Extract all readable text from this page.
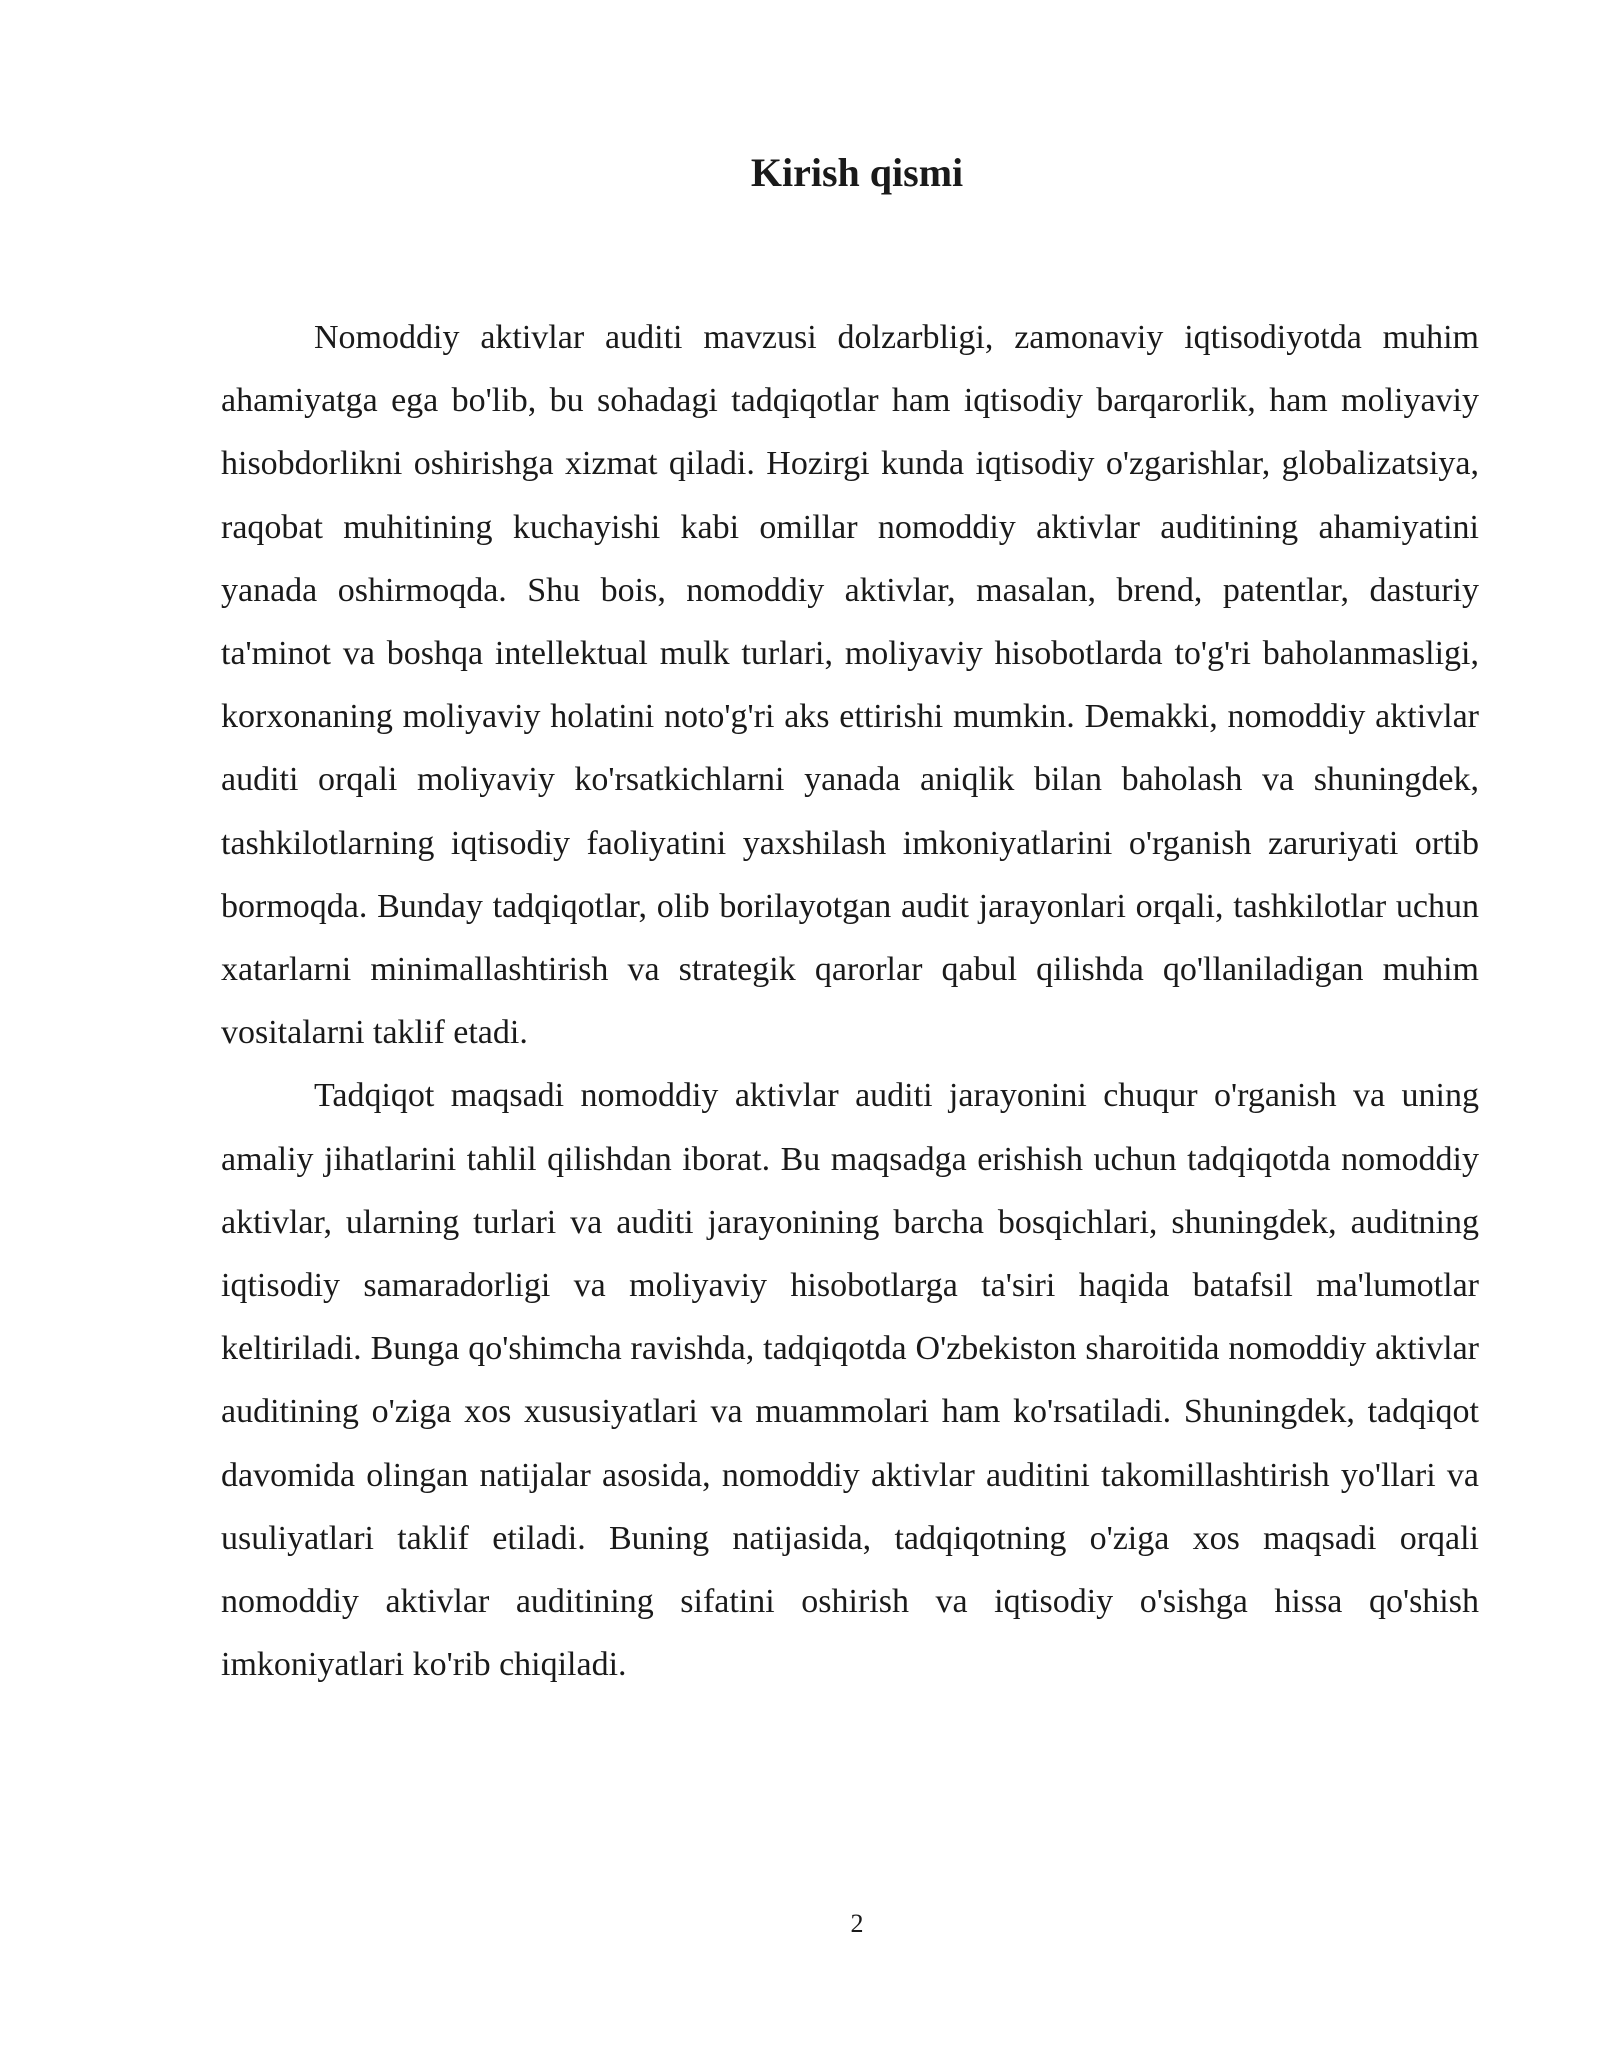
Kirish qismi

Nomoddiy aktivlar auditi mavzusi dolzarbligi, zamonaviy iqtisodiyotda muhim ahamiyatga ega bo'lib, bu sohadagi tadqiqotlar ham iqtisodiy barqarorlik, ham moliyaviy hisobdorlikni oshirishga xizmat qiladi. Hozirgi kunda iqtisodiy o'zgarishlar, globalizatsiya, raqobat muhitining kuchayishi kabi omillar nomoddiy aktivlar auditining ahamiyatini yanada oshirmoqda. Shu bois, nomoddiy aktivlar, masalan, brend, patentlar, dasturiy ta'minot va boshqa intellektual mulk turlari, moliyaviy hisobotlarda to'g'ri baholanmasligi, korxonaning moliyaviy holatini noto'g'ri aks ettirishi mumkin. Demakki, nomoddiy aktivlar auditi orqali moliyaviy ko'rsatkichlarni yanada aniqlik bilan baholash va shuningdek, tashkilotlarning iqtisodiy faoliyatini yaxshilash imkoniyatlarini o'rganish zaruriyati ortib bormoqda. Bunday tadqiqotlar, olib borilayotgan audit jarayonlari orqali, tashkilotlar uchun xatarlarni minimallashtirish va strategik qarorlar qabul qilishda qo'llaniladigan muhim vositalarni taklif etadi.

Tadqiqot maqsadi nomoddiy aktivlar auditi jarayonini chuqur o'rganish va uning amaliy jihatlarini tahlil qilishdan iborat. Bu maqsadga erishish uchun tadqiqotda nomoddiy aktivlar, ularning turlari va auditi jarayonining barcha bosqichlari, shuningdek, auditning iqtisodiy samaradorligi va moliyaviy hisobotlarga ta'siri haqida batafsil ma'lumotlar keltiriladi. Bunga qo'shimcha ravishda, tadqiqotda O'zbekiston sharoitida nomoddiy aktivlar auditining o'ziga xos xususiyatlari va muammolari ham ko'rsatiladi. Shuningdek, tadqiqot davomida olingan natijalar asosida, nomoddiy aktivlar auditini takomillashtirish yo'llari va usuliyatlari taklif etiladi. Buning natijasida, tadqiqotning o'ziga xos maqsadi orqali nomoddiy aktivlar auditining sifatini oshirish va iqtisodiy o'sishga hissa qo'shish imkoniyatlari ko'rib chiqiladi.

2
